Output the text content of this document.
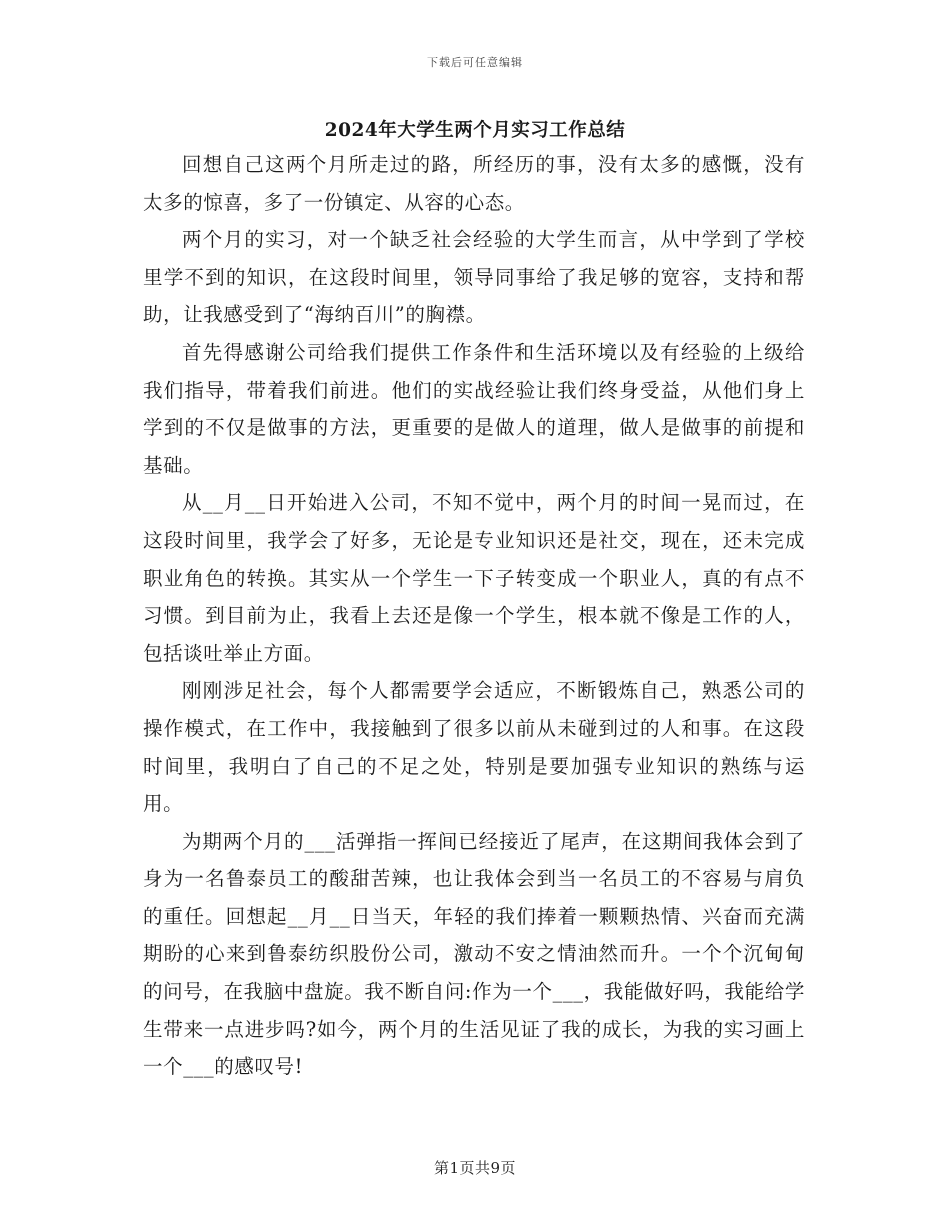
下载后可任意编辑
2024年大学生两个月实习工作总结

回想自己这两个月所走过的路，所经历的事，没有太多的感慨，没有太多的惊喜，多了一份镇定、从容的心态。

两个月的实习，对一个缺乏社会经验的大学生而言，从中学到了学校里学不到的知识，在这段时间里，领导同事给了我足够的宽容，支持和帮助，让我感受到了“海纳百川”的胸襟。

首先得感谢公司给我们提供工作条件和生活环境以及有经验的上级给我们指导，带着我们前进。他们的实战经验让我们终身受益，从他们身上学到的不仅是做事的方法，更重要的是做人的道理，做人是做事的前提和基础。

从__月__日开始进入公司，不知不觉中，两个月的时间一晃而过，在这段时间里，我学会了好多，无论是专业知识还是社交，现在，还未完成职业角色的转换。其实从一个学生一下子转变成一个职业人，真的有点不习惯。到目前为止，我看上去还是像一个学生，根本就不像是工作的人，包括谈吐举止方面。

刚刚涉足社会，每个人都需要学会适应，不断锻炼自己，熟悉公司的操作模式，在工作中，我接触到了很多以前从未碰到过的人和事。在这段时间里，我明白了自己的不足之处，特别是要加强专业知识的熟练与运用。

为期两个月的___活弹指一挥间已经接近了尾声，在这期间我体会到了身为一名鲁泰员工的酸甜苦辣，也让我体会到当一名员工的不容易与肩负的重任。回想起__月__日当天，年轻的我们捧着一颗颗热情、兴奋而充满期盼的心来到鲁泰纺织股份公司，激动不安之情油然而升。一个个沉甸甸的问号，在我脑中盘旋。我不断自问:作为一个___，我能做好吗，我能给学生带来一点进步吗?如今，两个月的生活见证了我的成长，为我的实习画上一个___的感叹号!

第1页共9页
